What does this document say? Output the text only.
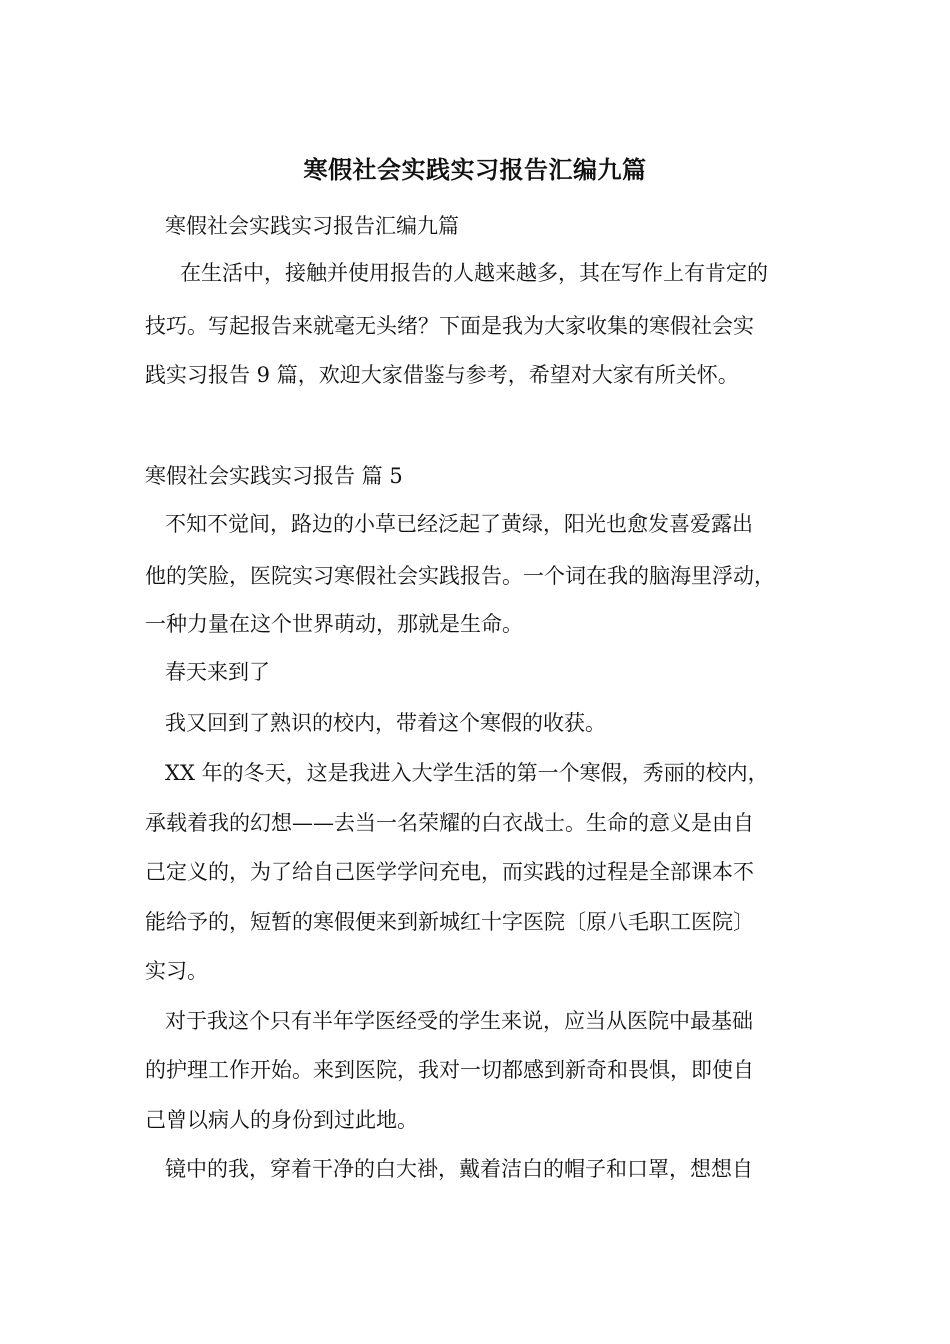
寒假社会实践实习报告汇编九篇

寒假社会实践实习报告汇编九篇

在生活中，接触并使用报告的人越来越多，其在写作上有肯定的

技巧。写起报告来就毫无头绪？下面是我为大家收集的寒假社会实

践实习报告 9 篇，欢迎大家借鉴与参考，希望对大家有所关怀。

寒假社会实践实习报告 篇 5

不知不觉间，路边的小草已经泛起了黄绿，阳光也愈发喜爱露出

他的笑脸，医院实习寒假社会实践报告。一个词在我的脑海里浮动，

一种力量在这个世界萌动，那就是生命。

春天来到了

我又回到了熟识的校内，带着这个寒假的收获。

XX 年的冬天，这是我进入大学生活的第一个寒假，秀丽的校内，

承载着我的幻想——去当一名荣耀的白衣战士。生命的意义是由自

己定义的，为了给自己医学学问充电，而实践的过程是全部课本不

能给予的，短暂的寒假便来到新城红十字医院〔原八毛职工医院〕

实习。

对于我这个只有半年学医经受的学生来说，应当从医院中最基础

的护理工作开始。来到医院，我对一切都感到新奇和畏惧，即使自

己曾以病人的身份到过此地。

镜中的我，穿着干净的白大褂，戴着洁白的帽子和口罩，想想自
